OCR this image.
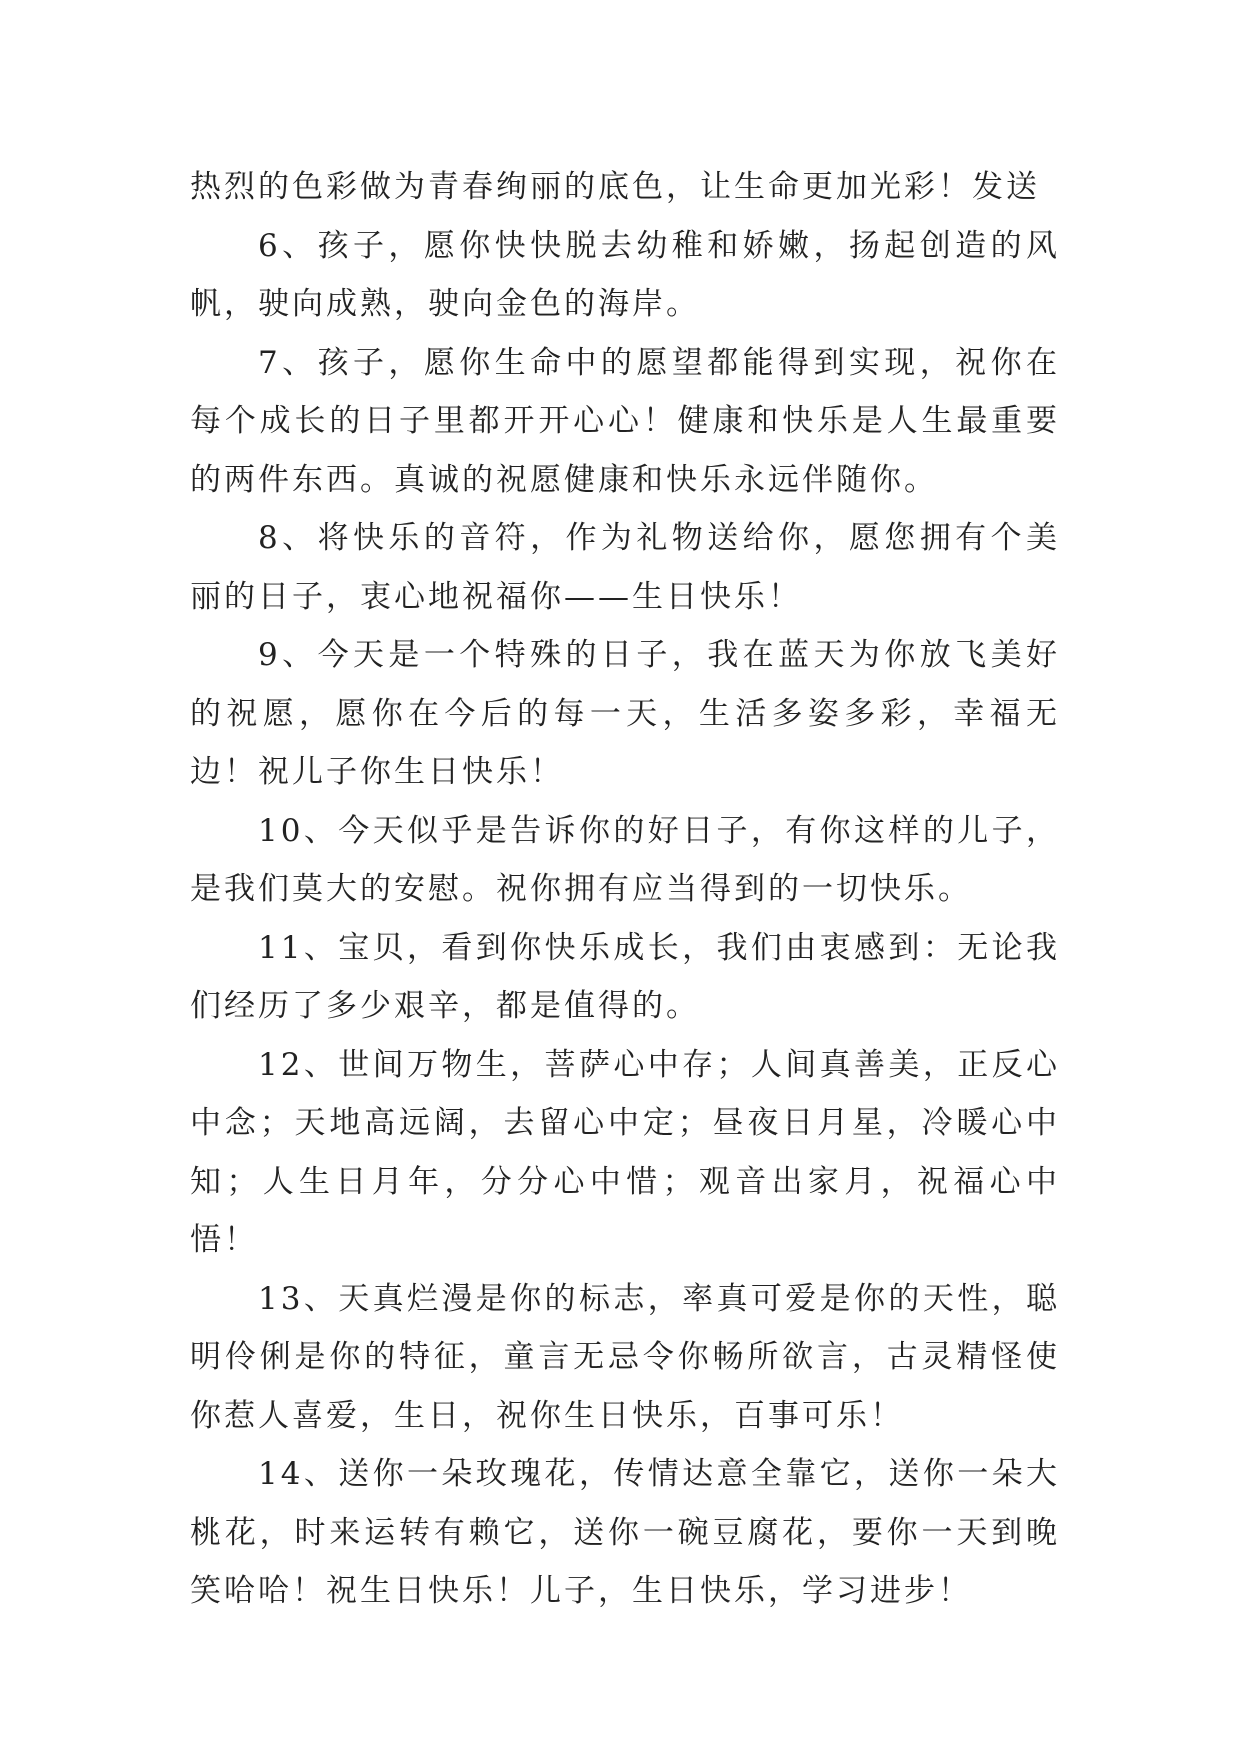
热烈的色彩做为青春绚丽的底色，让生命更加光彩！发送

6、孩子，愿你快快脱去幼稚和娇嫩，扬起创造的风帆，驶向成熟，驶向金色的海岸。

7、孩子，愿你生命中的愿望都能得到实现，祝你在每个成长的日子里都开开心心！健康和快乐是人生最重要的两件东西。真诚的祝愿健康和快乐永远伴随你。

8、将快乐的音符，作为礼物送给你，愿您拥有个美丽的日子，衷心地祝福你——生日快乐！

9、今天是一个特殊的日子，我在蓝天为你放飞美好的祝愿，愿你在今后的每一天，生活多姿多彩，幸福无边！祝儿子你生日快乐！

10、今天似乎是告诉你的好日子，有你这样的儿子，是我们莫大的安慰。祝你拥有应当得到的一切快乐。

11、宝贝，看到你快乐成长，我们由衷感到：无论我们经历了多少艰辛，都是值得的。

12、世间万物生，菩萨心中存；人间真善美，正反心中念；天地高远阔，去留心中定；昼夜日月星，冷暖心中知；人生日月年，分分心中惜；观音出家月，祝福心中悟！

13、天真烂漫是你的标志，率真可爱是你的天性，聪明伶俐是你的特征，童言无忌令你畅所欲言，古灵精怪使你惹人喜爱，生日，祝你生日快乐，百事可乐！

14、送你一朵玫瑰花，传情达意全靠它，送你一朵大桃花，时来运转有赖它，送你一碗豆腐花，要你一天到晚笑哈哈！祝生日快乐！儿子，生日快乐，学习进步！
